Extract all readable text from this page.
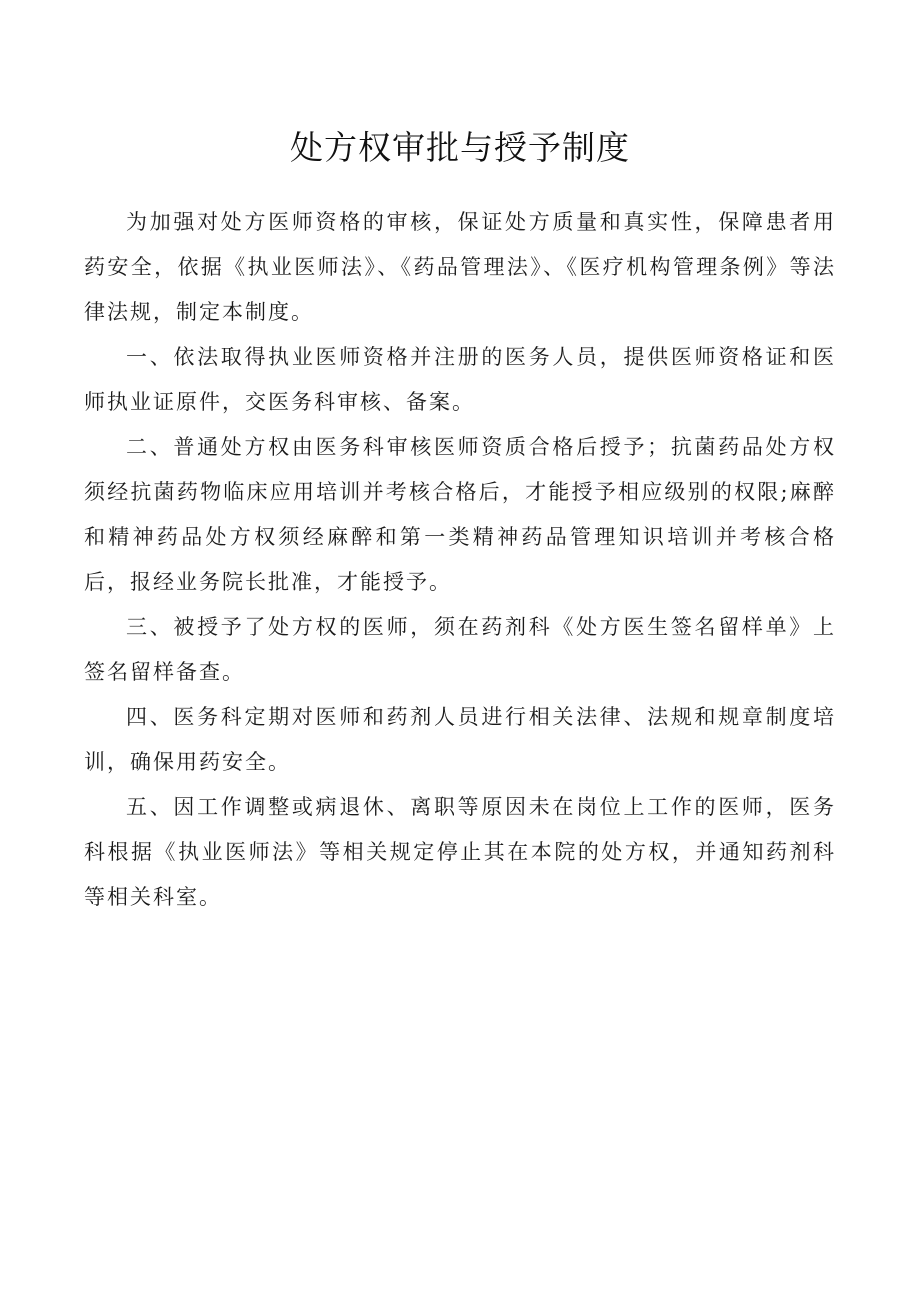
处方权审批与授予制度

为加强对处方医师资格的审核，保证处方质量和真实性，保障患者用药安全，依据《执业医师法》、《药品管理法》、《医疗机构管理条例》等法律法规，制定本制度。

一、依法取得执业医师资格并注册的医务人员，提供医师资格证和医师执业证原件，交医务科审核、备案。

二、普通处方权由医务科审核医师资质合格后授予；抗菌药品处方权须经抗菌药物临床应用培训并考核合格后，才能授予相应级别的权限;麻醉和精神药品处方权须经麻醉和第一类精神药品管理知识培训并考核合格后，报经业务院长批准，才能授予。

三、被授予了处方权的医师，须在药剂科《处方医生签名留样单》上签名留样备查。

四、医务科定期对医师和药剂人员进行相关法律、法规和规章制度培训，确保用药安全。

五、因工作调整或病退休、离职等原因未在岗位上工作的医师，医务科根据《执业医师法》等相关规定停止其在本院的处方权，并通知药剂科等相关科室。
